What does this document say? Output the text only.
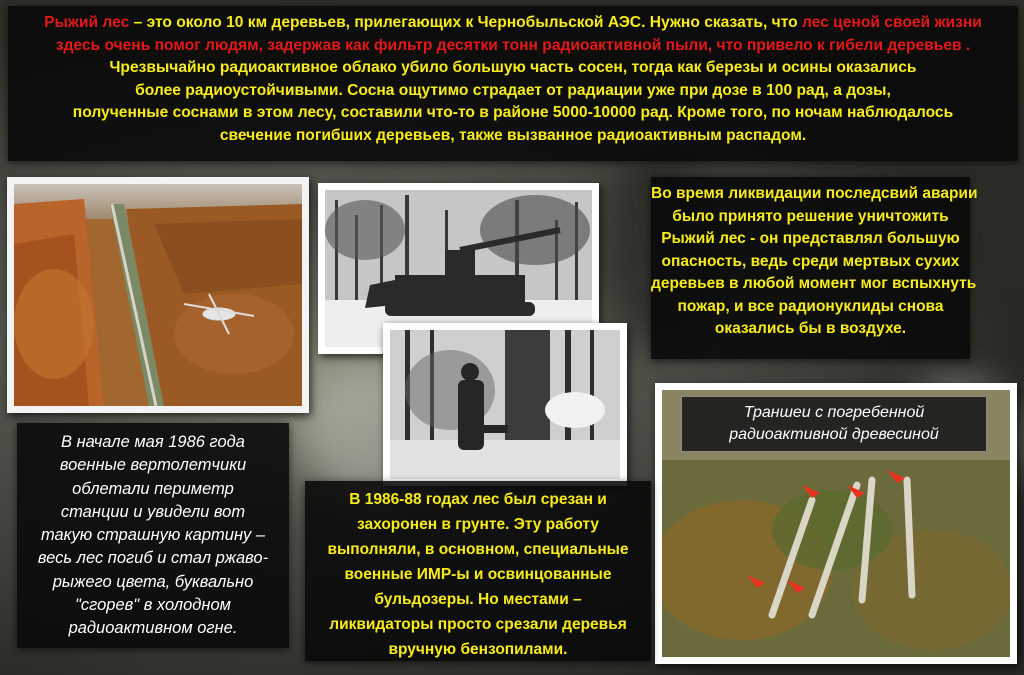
Рыжий лес – это около 10 км деревьев, прилегающих к Чернобыльской АЭС. Нужно сказать, что лес ценой своей жизни
здесь очень помог людям, задержав как фильтр десятки тонн радиоактивной пыли, что привело к гибели деревьев .
Чрезвычайно радиоактивное облако убило большую часть сосен, тогда как березы и осины оказались
более радиоустойчивыми. Сосна ощутимо страдает от радиации уже при дозе в 100 рад, а дозы,
полученные соснами в этом лесу, составили что-то в районе 5000-10000 рад. Кроме того, по ночам наблюдалось
свечение погибших деревьев, также вызванное радиоактивным распадом.
Во время ликвидации последсвий аварии
было принято решение уничтожить
Рыжий лес - он представлял большую
опасность, ведь среди мертвых сухих
деревьев в любой момент мог вспыхнуть
пожар, и все радионуклиды снова
оказались бы в воздухе.
Траншеи с погребенной
радиоактивной древесиной
В начале мая 1986 года
военные вертолетчики
облетали периметр
станции и увидели вот
такую страшную картину –
весь лес погиб и стал ржаво-
рыжего цвета, буквально
"сгорев" в холодном
радиоактивном огне.
В 1986-88 годах лес был срезан и
захоронен в грунте. Эту работу
выполняли, в основном, специальные
военные ИМР-ы и освинцованные
бульдозеры. Но местами –
ликвидаторы просто срезали деревья
вручную бензопилами.
